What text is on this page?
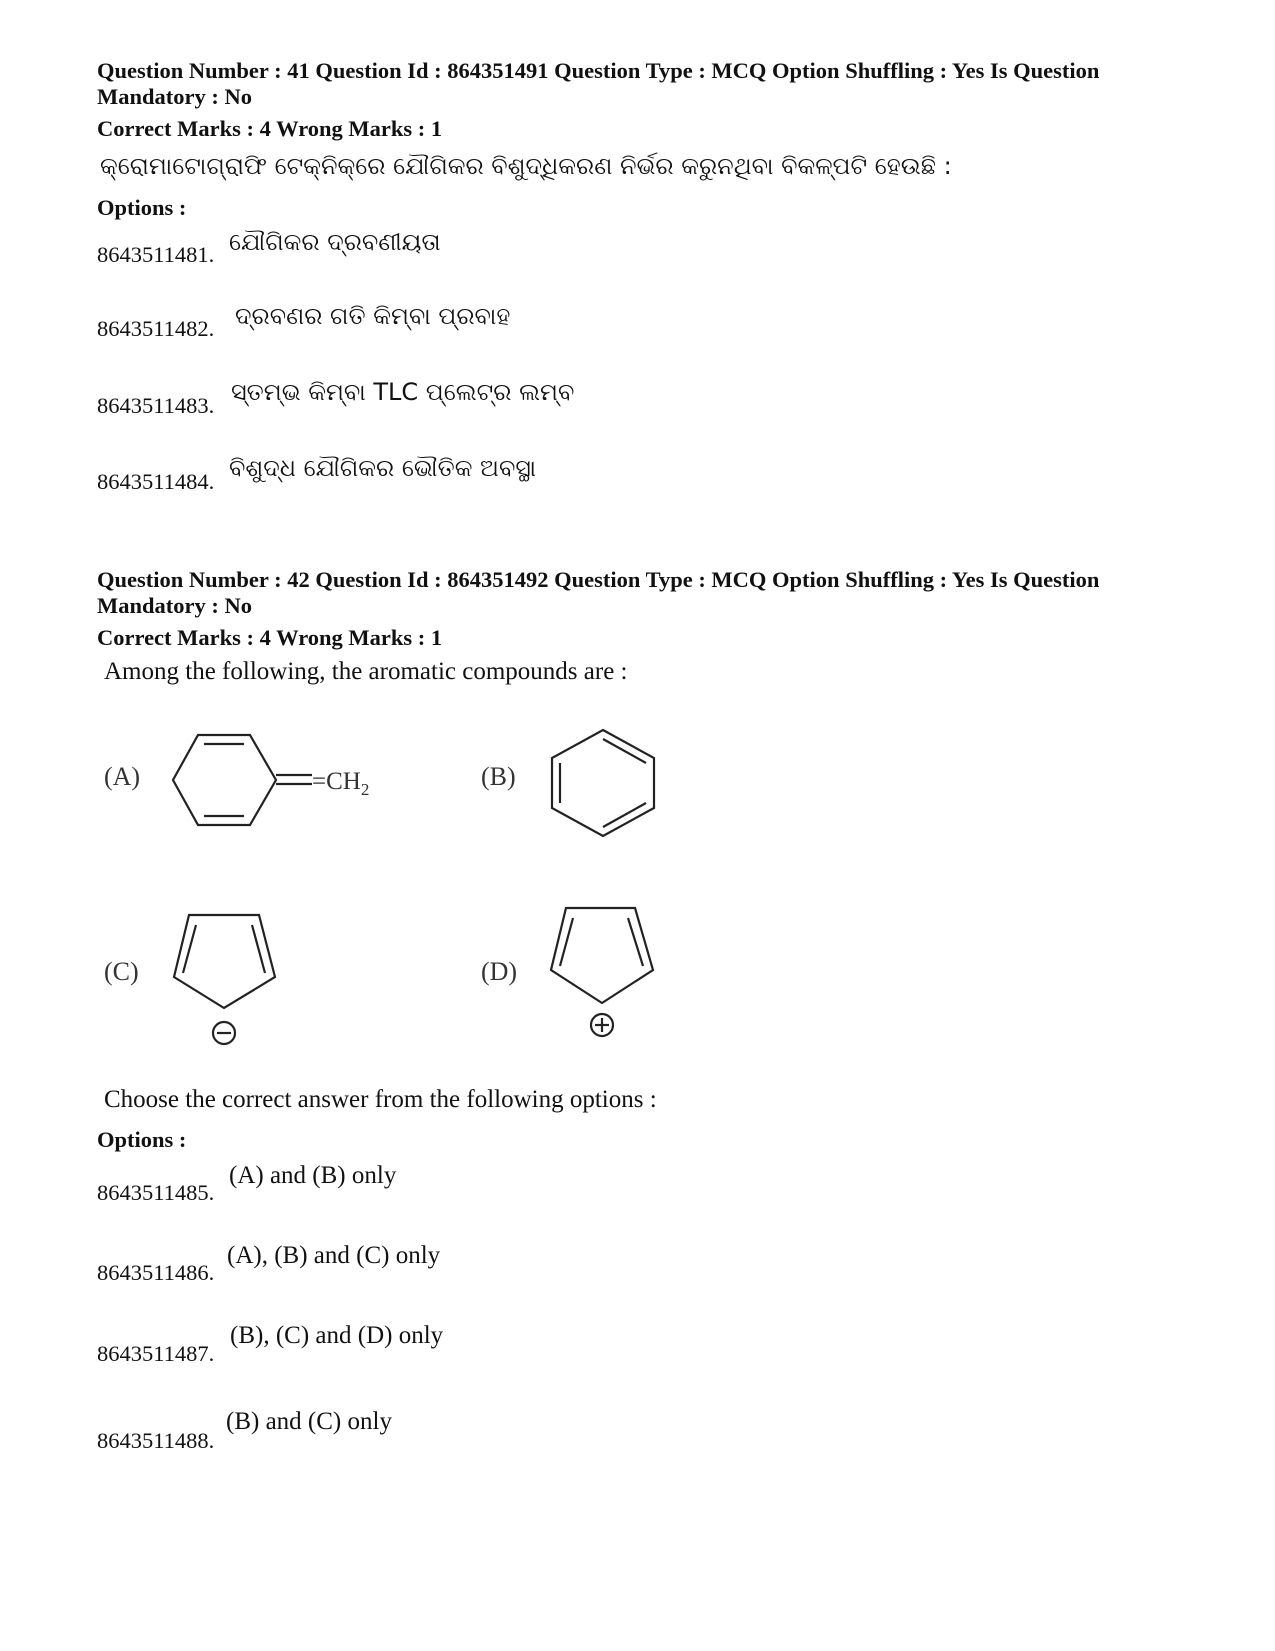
Question Number : 41 Question Id : 864351491 Question Type : MCQ Option Shuffling : Yes Is Question
Mandatory : No
Correct Marks : 4 Wrong Marks : 1
କ୍ରୋମାଟୋଗ୍ରାଫି ଟେକ୍‌ନିକ୍‌ରେ ଯୌଗିକର ବିଶୁଦ୍ଧିକରଣ ନିର୍ଭର କରୁନଥିବା ବିକଳ୍ପଟି ହେଉଛି :
Options :
8643511481. ଯୌଗିକର ଦ୍ରବଣୀୟତା
8643511482. ଦ୍ରବଣର ଗତି କିମ୍ବା ପ୍ରବାହ
8643511483. ସ୍ତମ୍ଭ କିମ୍ବା TLC ପ୍ଲେଟ୍‌ର ଲମ୍ବ
8643511484. ବିଶୁଦ୍ଧ ଯୌଗିକର ଭୌତିକ ଅବସ୍ଥା
Question Number : 42 Question Id : 864351492 Question Type : MCQ Option Shuffling : Yes Is Question
Mandatory : No
Correct Marks : 4 Wrong Marks : 1
Among the following, the aromatic compounds are :
(A)	$=CH_2$	(B)
(C)	(D)
Choose the correct answer from the following options :
Options :
8643511485.
(A) and (B) only
8643511486.
(A), (B) and (C) only
8643511487.
(B), (C) and (D) only
8643511488.
(B) and (C) only
